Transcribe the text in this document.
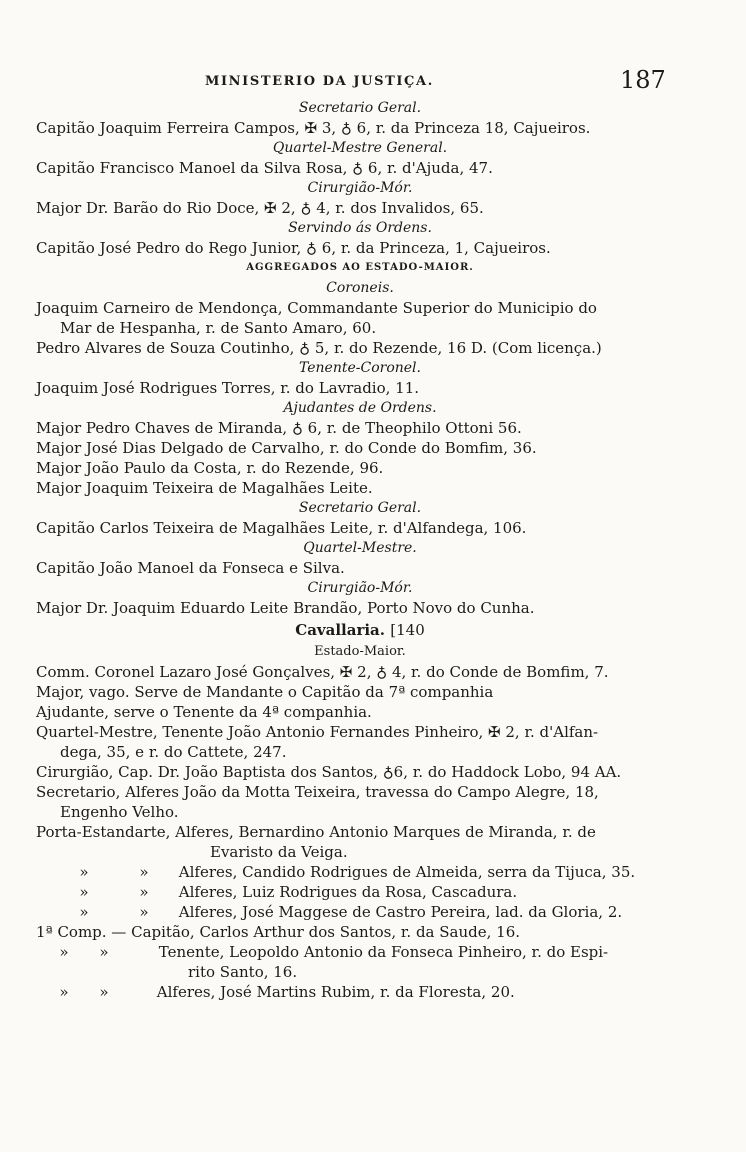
MINISTERIO DA JUSTIÇA.	187
Secretario Geral.
Capitão Joaquim Ferreira Campos, ✠ 3, ♁ 6, r. da Princeza 18, Cajueiros.
Quartel-Mestre General.
Capitão Francisco Manoel da Silva Rosa, ♁ 6, r. d'Ajuda, 47.
Cirurgião-Mór.
Major Dr. Barão do Rio Doce, ✠ 2, ♁ 4, r. dos Invalidos, 65.
Servindo ás Ordens.
Capitão José Pedro do Rego Junior, ♁ 6, r. da Princeza, 1, Cajueiros.
AGGREGADOS AO ESTADO-MAIOR.
Coroneis.
Joaquim Carneiro de Mendonça, Commandante Superior do Municipio do
Mar de Hespanha, r. de Santo Amaro, 60.
Pedro Alvares de Souza Coutinho, ♁ 5, r. do Rezende, 16 D. (Com licença.)
Tenente-Coronel.
Joaquim José Rodrigues Torres, r. do Lavradio, 11.
Ajudantes de Ordens.
Major Pedro Chaves de Miranda, ♁ 6, r. de Theophilo Ottoni 56.
Major José Dias Delgado de Carvalho, r. do Conde do Bomfim, 36.
Major João Paulo da Costa, r. do Rezende, 96.
Major Joaquim Teixeira de Magalhães Leite.
Secretario Geral.
Capitão Carlos Teixeira de Magalhães Leite, r. d'Alfandega, 106.
Quartel-Mestre.
Capitão João Manoel da Fonseca e Silva.
Cirurgião-Mór.
Major Dr. Joaquim Eduardo Leite Brandão, Porto Novo do Cunha.
Cavallaria. [140
Estado-Maior.
Comm. Coronel Lazaro José Gonçalves, ✠ 2, ♁ 4, r. do Conde de Bomfim, 7.
Major, vago. Serve de Mandante o Capitão da 7ª companhia
Ajudante, serve o Tenente da 4ª companhia.
Quartel-Mestre, Tenente João Antonio Fernandes Pinheiro, ✠ 2, r. d'Alfan-
dega, 35, e r. do Cattete, 247.
Cirurgião, Cap. Dr. João Baptista dos Santos, ♁6, r. do Haddock Lobo, 94 AA.
Secretario, Alferes João da Motta Teixeira, travessa do Campo Alegre, 18,
Engenho Velho.
Porta-Estandarte, Alferes, Bernardino Antonio Marques de Miranda, r. de
Evaristo da Veiga.
»	» Alferes, Candido Rodrigues de Almeida, serra da Tijuca, 35.
»	» Alferes, Luiz Rodrigues da Rosa, Cascadura.
»	» Alferes, José Maggese de Castro Pereira, lad. da Gloria, 2.
1ª Comp. — Capitão, Carlos Arthur dos Santos, r. da Saude, 16.
» »	Tenente, Leopoldo Antonio da Fonseca Pinheiro, r. do Espi-
rito Santo, 16.
» »	Alferes, José Martins Rubim, r. da Floresta, 20.
